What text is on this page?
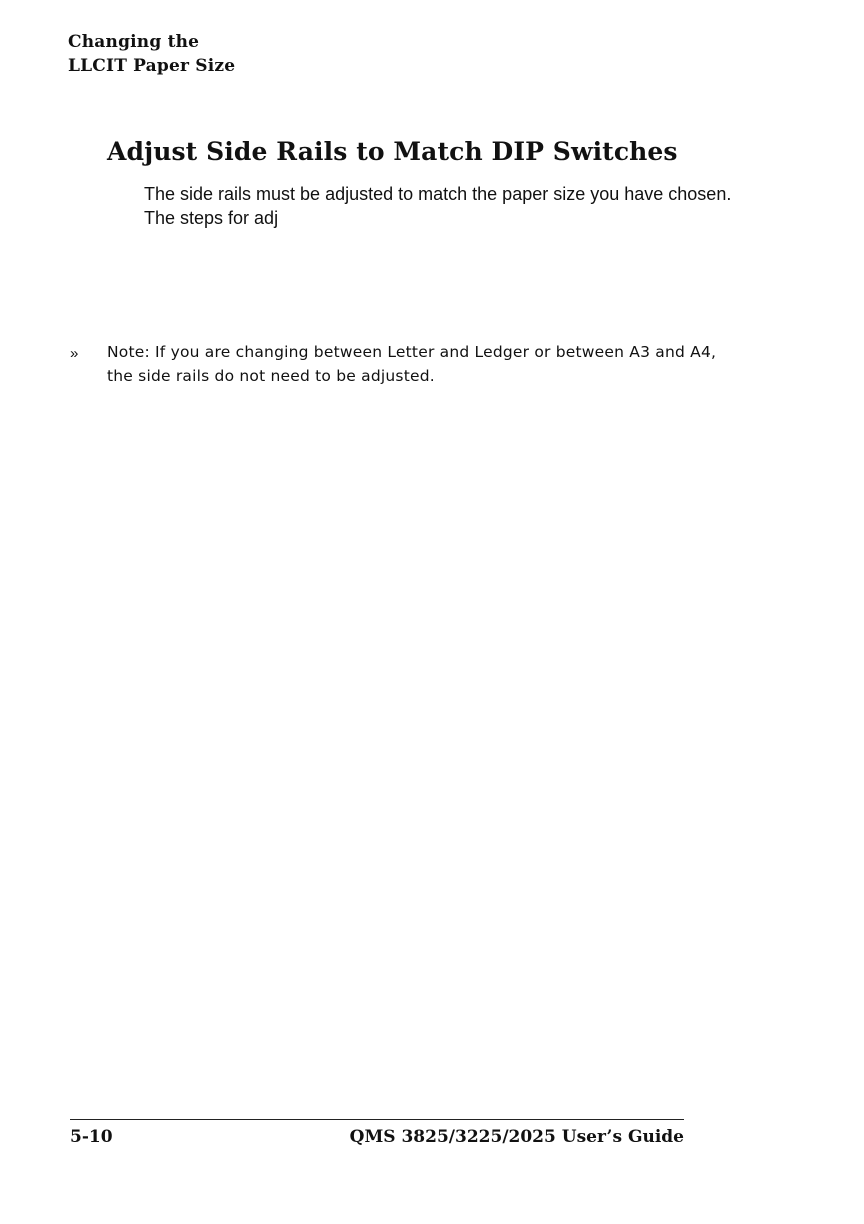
Changing the
LLCIT Paper Size
Adjust Side Rails to Match DIP Switches

The side rails must be adjusted to match the paper size you have chosen. The steps for adj

» Note: If you are changing between Letter and Ledger or between A3 and A4, the side rails do not need to be adjusted.

5-10	QMS 3825/3225/2025 User’s Guide
